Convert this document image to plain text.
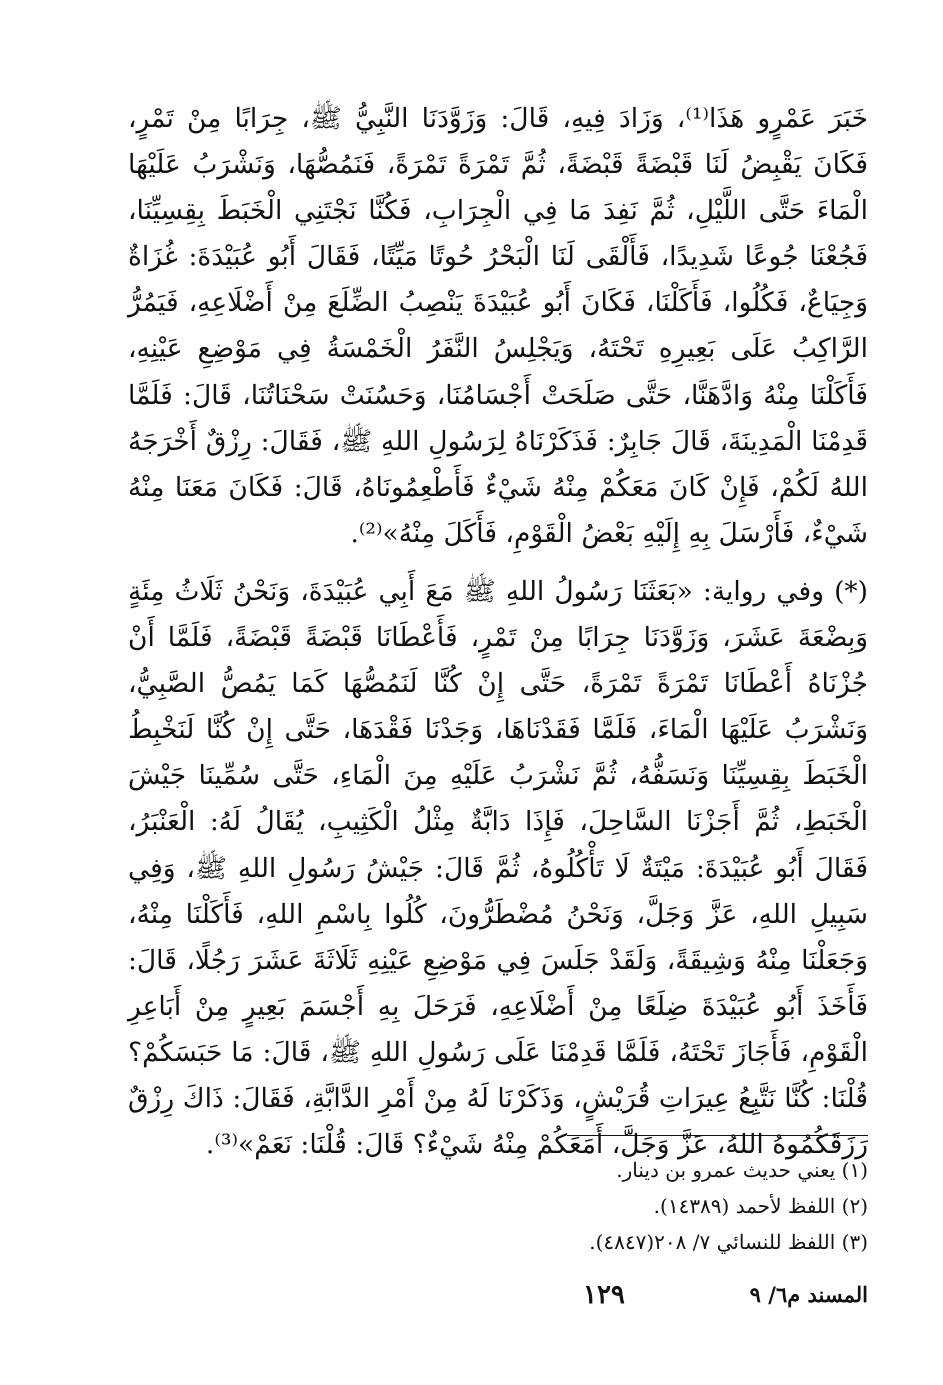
خَبَرَ عَمْرٍو هَذَا⁽¹⁾، وَزَادَ فِيهِ، قَالَ: وَزَوَّدَنَا النَّبِيُّ ﷺ، جِرَابًا مِنْ تَمْرٍ، فَكَانَ يَقْبِضُ لَنَا قَبْضَةً قَبْضَةً، ثُمَّ تَمْرَةً تَمْرَةً، فَنَمُصُّهَا، وَنَشْرَبُ عَلَيْهَا الْمَاءَ حَتَّى اللَّيْلِ، ثُمَّ نَفِدَ مَا فِي الْجِرَابِ، فَكُنَّا نَجْتَنِي الْخَبَطَ بِقِسِيِّنَا، فَجُعْنَا جُوعًا شَدِيدًا، فَأَلْقَى لَنَا الْبَحْرُ حُوتًا مَيِّتًا، فَقَالَ أَبُو عُبَيْدَةَ: غُزَاةٌ وَجِيَاعٌ، فَكُلُوا، فَأَكَلْنَا، فَكَانَ أَبُو عُبَيْدَةَ يَنْصِبُ الضِّلَعَ مِنْ أَضْلَاعِهِ، فَيَمُرُّ الرَّاكِبُ عَلَى بَعِيرِهِ تَحْتَهُ، وَيَجْلِسُ النَّفَرُ الْخَمْسَةُ فِي مَوْضِعِ عَيْنِهِ، فَأَكَلْنَا مِنْهُ وَادَّهَنَّا، حَتَّى صَلَحَتْ أَجْسَامُنَا، وَحَسُنَتْ سَحْنَاتُنَا، قَالَ: فَلَمَّا قَدِمْنَا الْمَدِينَةَ، قَالَ جَابِرٌ: فَذَكَرْنَاهُ لِرَسُولِ اللهِ ﷺ، فَقَالَ: رِزْقٌ أَخْرَجَهُ اللهُ لَكُمْ، فَإِنْ كَانَ مَعَكُمْ مِنْهُ شَيْءٌ فَأَطْعِمُونَاهُ، قَالَ: فَكَانَ مَعَنَا مِنْهُ شَيْءٌ، فَأَرْسَلَ بِهِ إِلَيْهِ بَعْضُ الْقَوْمِ، فَأَكَلَ مِنْهُ»⁽²⁾.

(*) وفي رواية: «بَعَثَنَا رَسُولُ اللهِ ﷺ مَعَ أَبِي عُبَيْدَةَ، وَنَحْنُ ثَلَاثُ مِئَةٍ وَبِضْعَةَ عَشَرَ، وَزَوَّدَنَا جِرَابًا مِنْ تَمْرٍ، فَأَعْطَانَا قَبْضَةً قَبْضَةً، فَلَمَّا أَنْ جُزْنَاهُ أَعْطَانَا تَمْرَةً تَمْرَةً، حَتَّى إِنْ كُنَّا لَنَمُصُّهَا كَمَا يَمُصُّ الصَّبِيُّ، وَنَشْرَبُ عَلَيْهَا الْمَاءَ، فَلَمَّا فَقَدْنَاهَا، وَجَدْنَا فَقْدَهَا، حَتَّى إِنْ كُنَّا لَنَخْبِطُ الْخَبَطَ بِقِسِيِّنَا وَنَسَفُّهُ، ثُمَّ نَشْرَبُ عَلَيْهِ مِنَ الْمَاءِ، حَتَّى سُمِّينَا جَيْشَ الْخَبَطِ، ثُمَّ أَجَزْنَا السَّاحِلَ، فَإِذَا دَابَّةٌ مِثْلُ الْكَثِيبِ، يُقَالُ لَهُ: الْعَنْبَرُ، فَقَالَ أَبُو عُبَيْدَةَ: مَيْتَةٌ لَا تَأْكُلُوهُ، ثُمَّ قَالَ: جَيْشُ رَسُولِ اللهِ ﷺ، وَفِي سَبِيلِ اللهِ، عَزَّ وَجَلَّ، وَنَحْنُ مُضْطَرُّونَ، كُلُوا بِاسْمِ اللهِ، فَأَكَلْنَا مِنْهُ، وَجَعَلْنَا مِنْهُ وَشِيقَةً، وَلَقَدْ جَلَسَ فِي مَوْضِعِ عَيْنِهِ ثَلَاثَةَ عَشَرَ رَجُلًا، قَالَ: فَأَخَذَ أَبُو عُبَيْدَةَ ضِلَعًا مِنْ أَضْلَاعِهِ، فَرَحَلَ بِهِ أَجْسَمَ بَعِيرٍ مِنْ أَبَاعِرِ الْقَوْمِ، فَأَجَازَ تَحْتَهُ، فَلَمَّا قَدِمْنَا عَلَى رَسُولِ اللهِ ﷺ، قَالَ: مَا حَبَسَكُمْ؟ قُلْنَا: كُنَّا نَتَّبِعُ عِيرَاتِ قُرَيْشٍ، وَذَكَرْنَا لَهُ مِنْ أَمْرِ الدَّابَّةِ، فَقَالَ: ذَاكَ رِزْقٌ رَزَقَكُمُوهُ اللهُ، عَزَّ وَجَلَّ، أَمَعَكُمْ مِنْهُ شَيْءٌ؟ قَالَ: قُلْنَا: نَعَمْ»⁽³⁾.

(١) يعني حديث عمرو بن دينار.
(٢) اللفظ لأحمد (١٤٣٨٩).
(٣) اللفظ للنسائي ٧/ ٢٠٨(٤٨٤٧).
١٢٩	المسند م٦/ ٩
